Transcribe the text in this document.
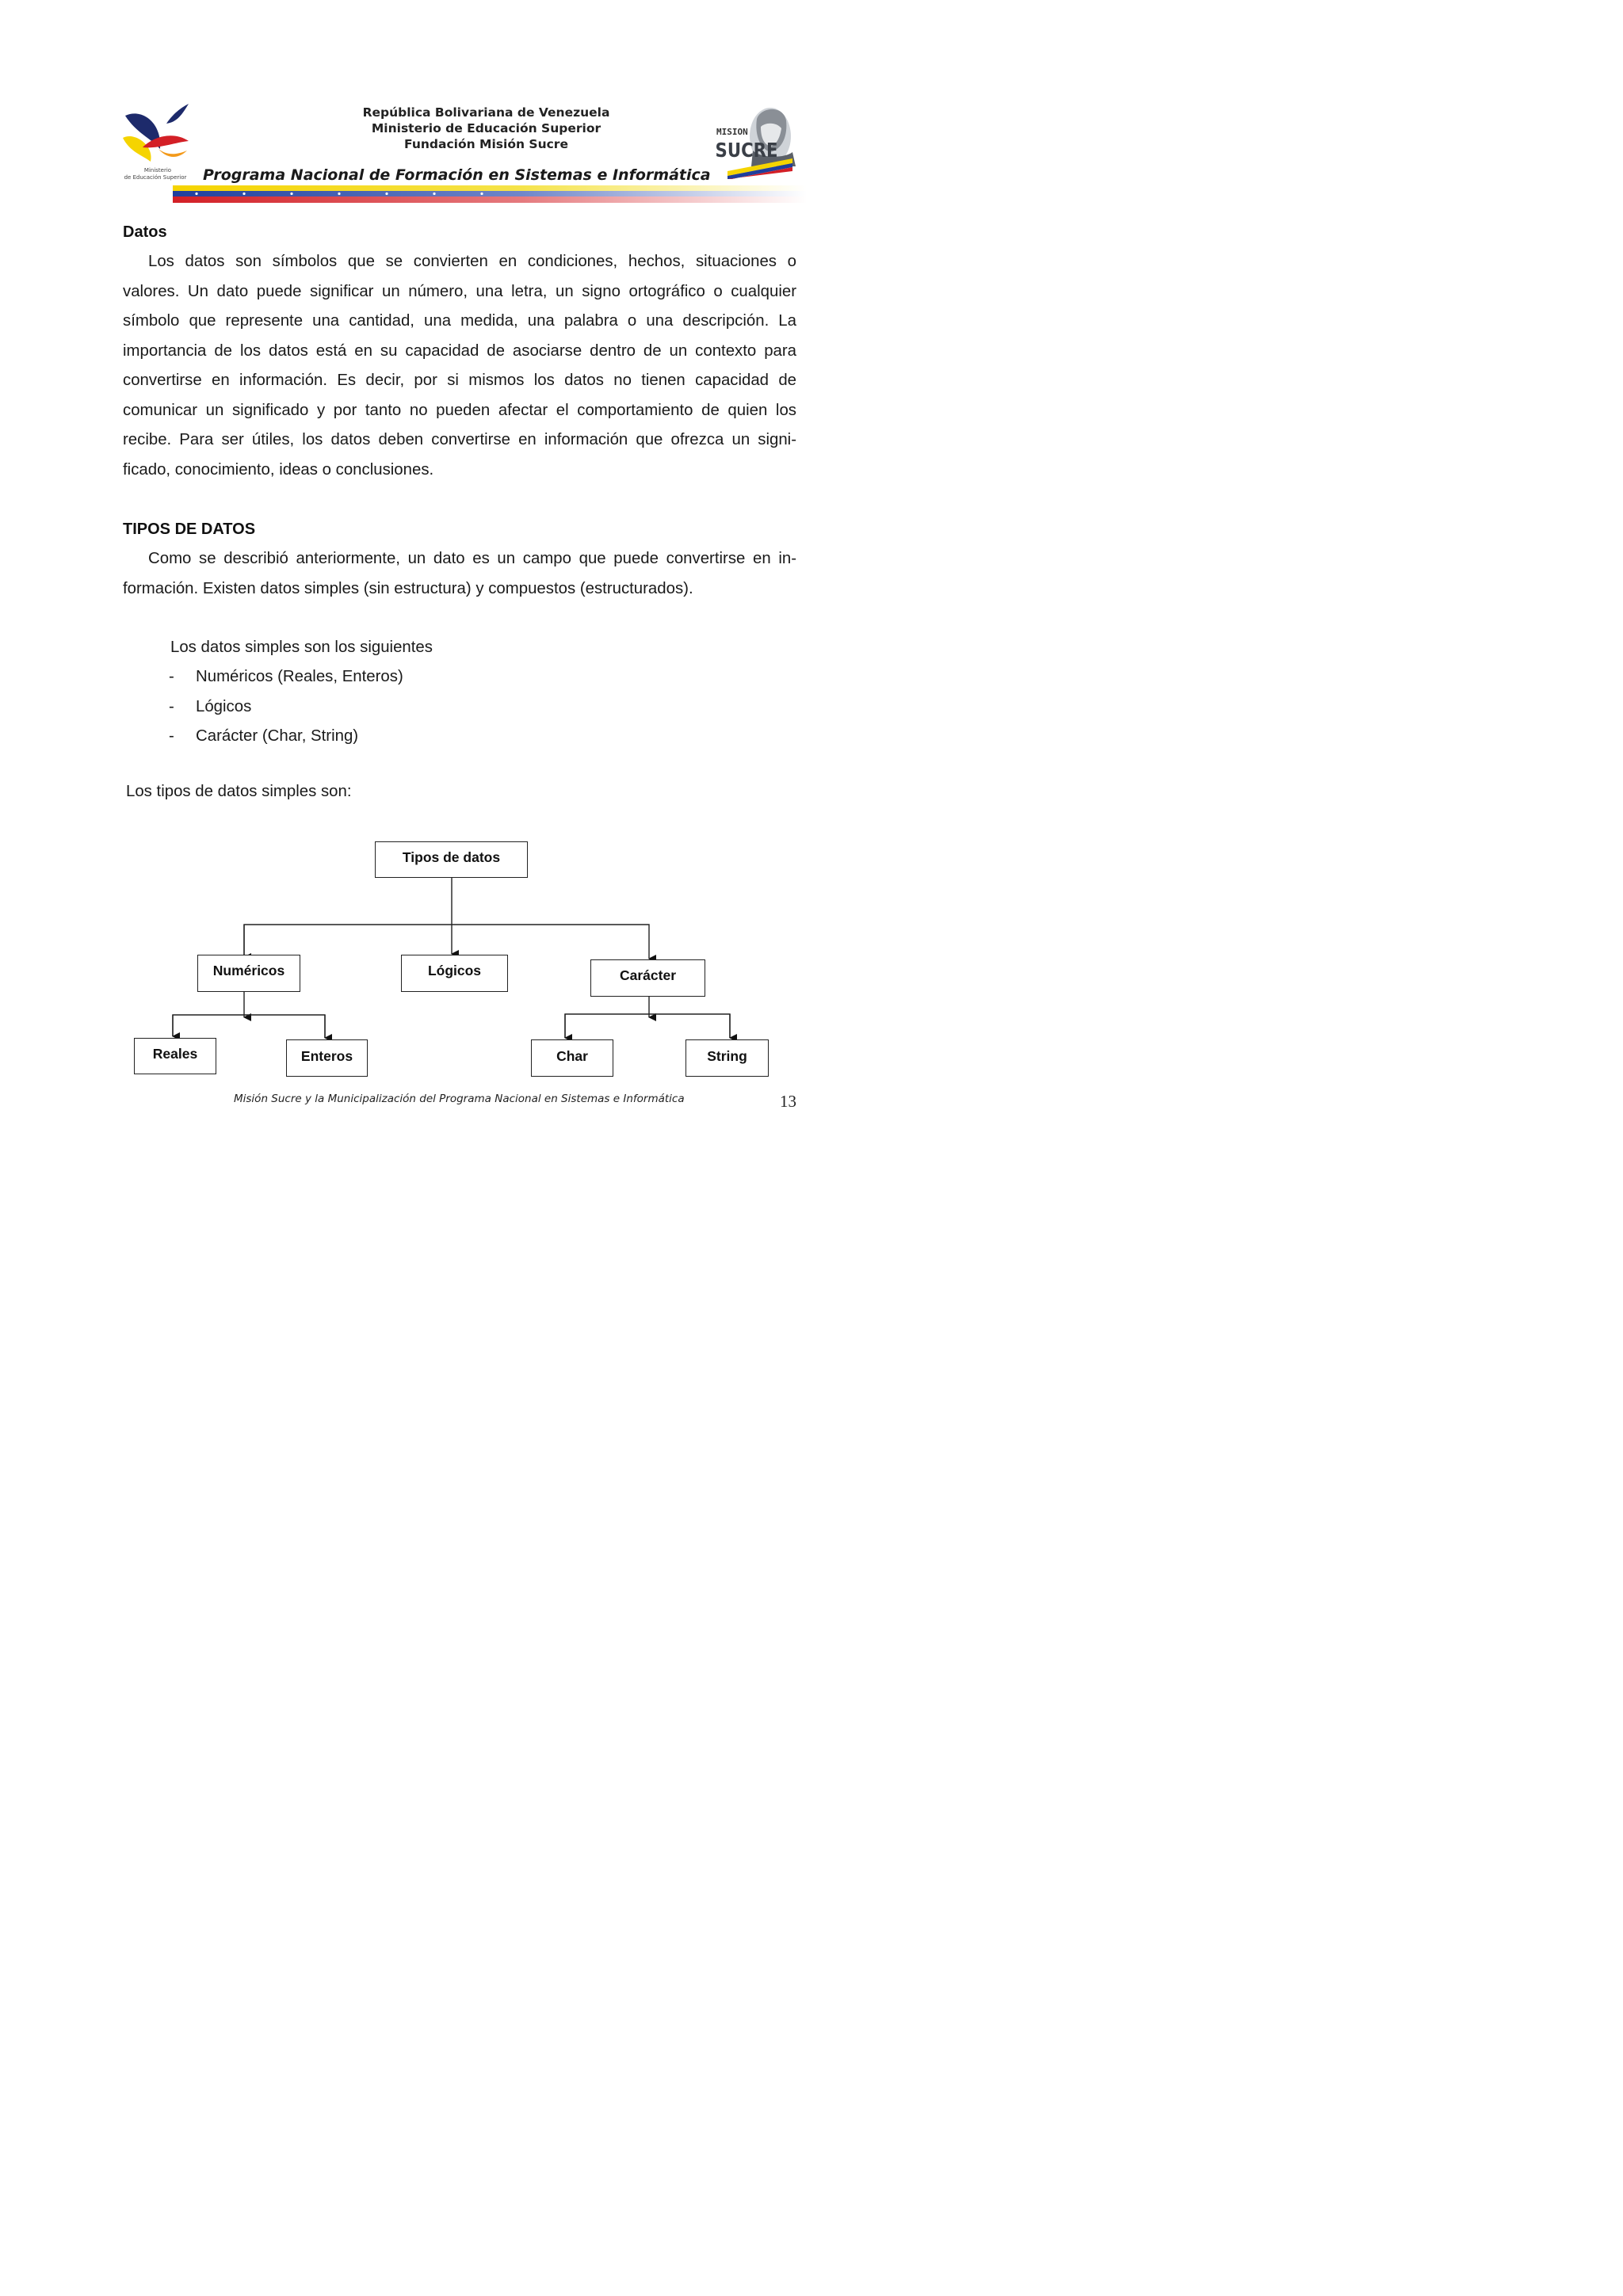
Ministerio
de Educación Superior
República Bolivariana de Venezuela
Ministerio de Educación Superior
Fundación Misión Sucre
MISION
SUCRE
Programa Nacional de Formación en Sistemas e Informática
Datos
Los datos son símbolos que se convierten en condiciones, hechos, situaciones o
valores. Un dato puede significar un número, una letra, un signo ortográfico o cualquier
símbolo que represente una cantidad, una medida, una palabra o una descripción. La
importancia de los datos está en su capacidad de asociarse dentro de un contexto para
convertirse en información. Es decir, por si mismos los datos no tienen capacidad de
comunicar un significado y por tanto no pueden afectar el comportamiento de quien los
recibe. Para ser útiles, los datos deben convertirse en información que ofrezca un signi-
ficado, conocimiento, ideas o conclusiones.
TIPOS DE DATOS
Como se describió anteriormente, un dato es un campo que puede convertirse en in-
formación. Existen datos simples (sin estructura) y compuestos (estructurados).
Los datos simples son los siguientes
- Numéricos (Reales, Enteros)
- Lógicos
- Carácter (Char, String)
Los tipos de datos simples son:
Tipos de datos
Numéricos	Lógicos	Carácter
Reales	Enteros	Char	String
Misión Sucre y la Municipalización del Programa Nacional en Sistemas e Informática	13
